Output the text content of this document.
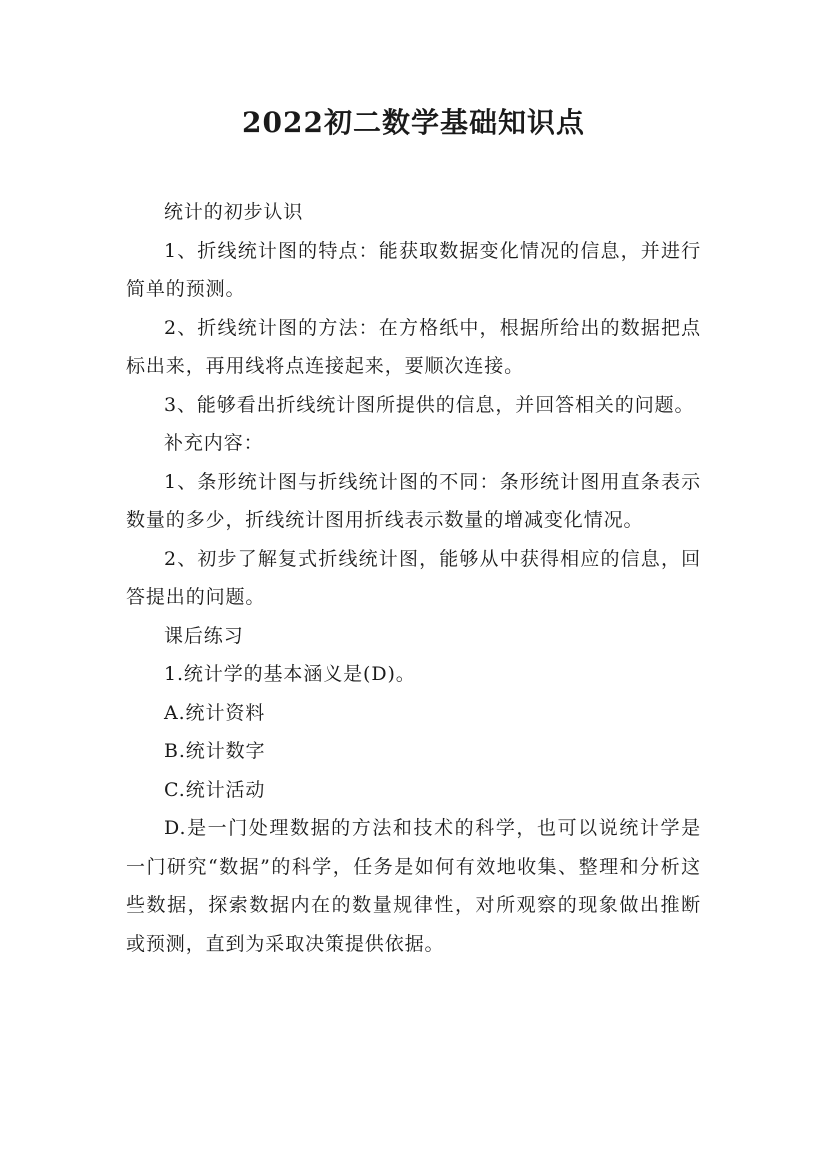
2022初二数学基础知识点

统计的初步认识

1、折线统计图的特点：能获取数据变化情况的信息，并进行简单的预测。

2、折线统计图的方法：在方格纸中，根据所给出的数据把点标出来，再用线将点连接起来，要顺次连接。

3、能够看出折线统计图所提供的信息，并回答相关的问题。

补充内容：

1、条形统计图与折线统计图的不同：条形统计图用直条表示数量的多少，折线统计图用折线表示数量的增减变化情况。

2、初步了解复式折线统计图，能够从中获得相应的信息，回答提出的问题。

课后练习

1.统计学的基本涵义是(D)。

A.统计资料

B.统计数字

C.统计活动

D.是一门处理数据的方法和技术的科学，也可以说统计学是一门研究“数据”的科学，任务是如何有效地收集、整理和分析这些数据，探索数据内在的数量规律性，对所观察的现象做出推断或预测，直到为采取决策提供依据。
